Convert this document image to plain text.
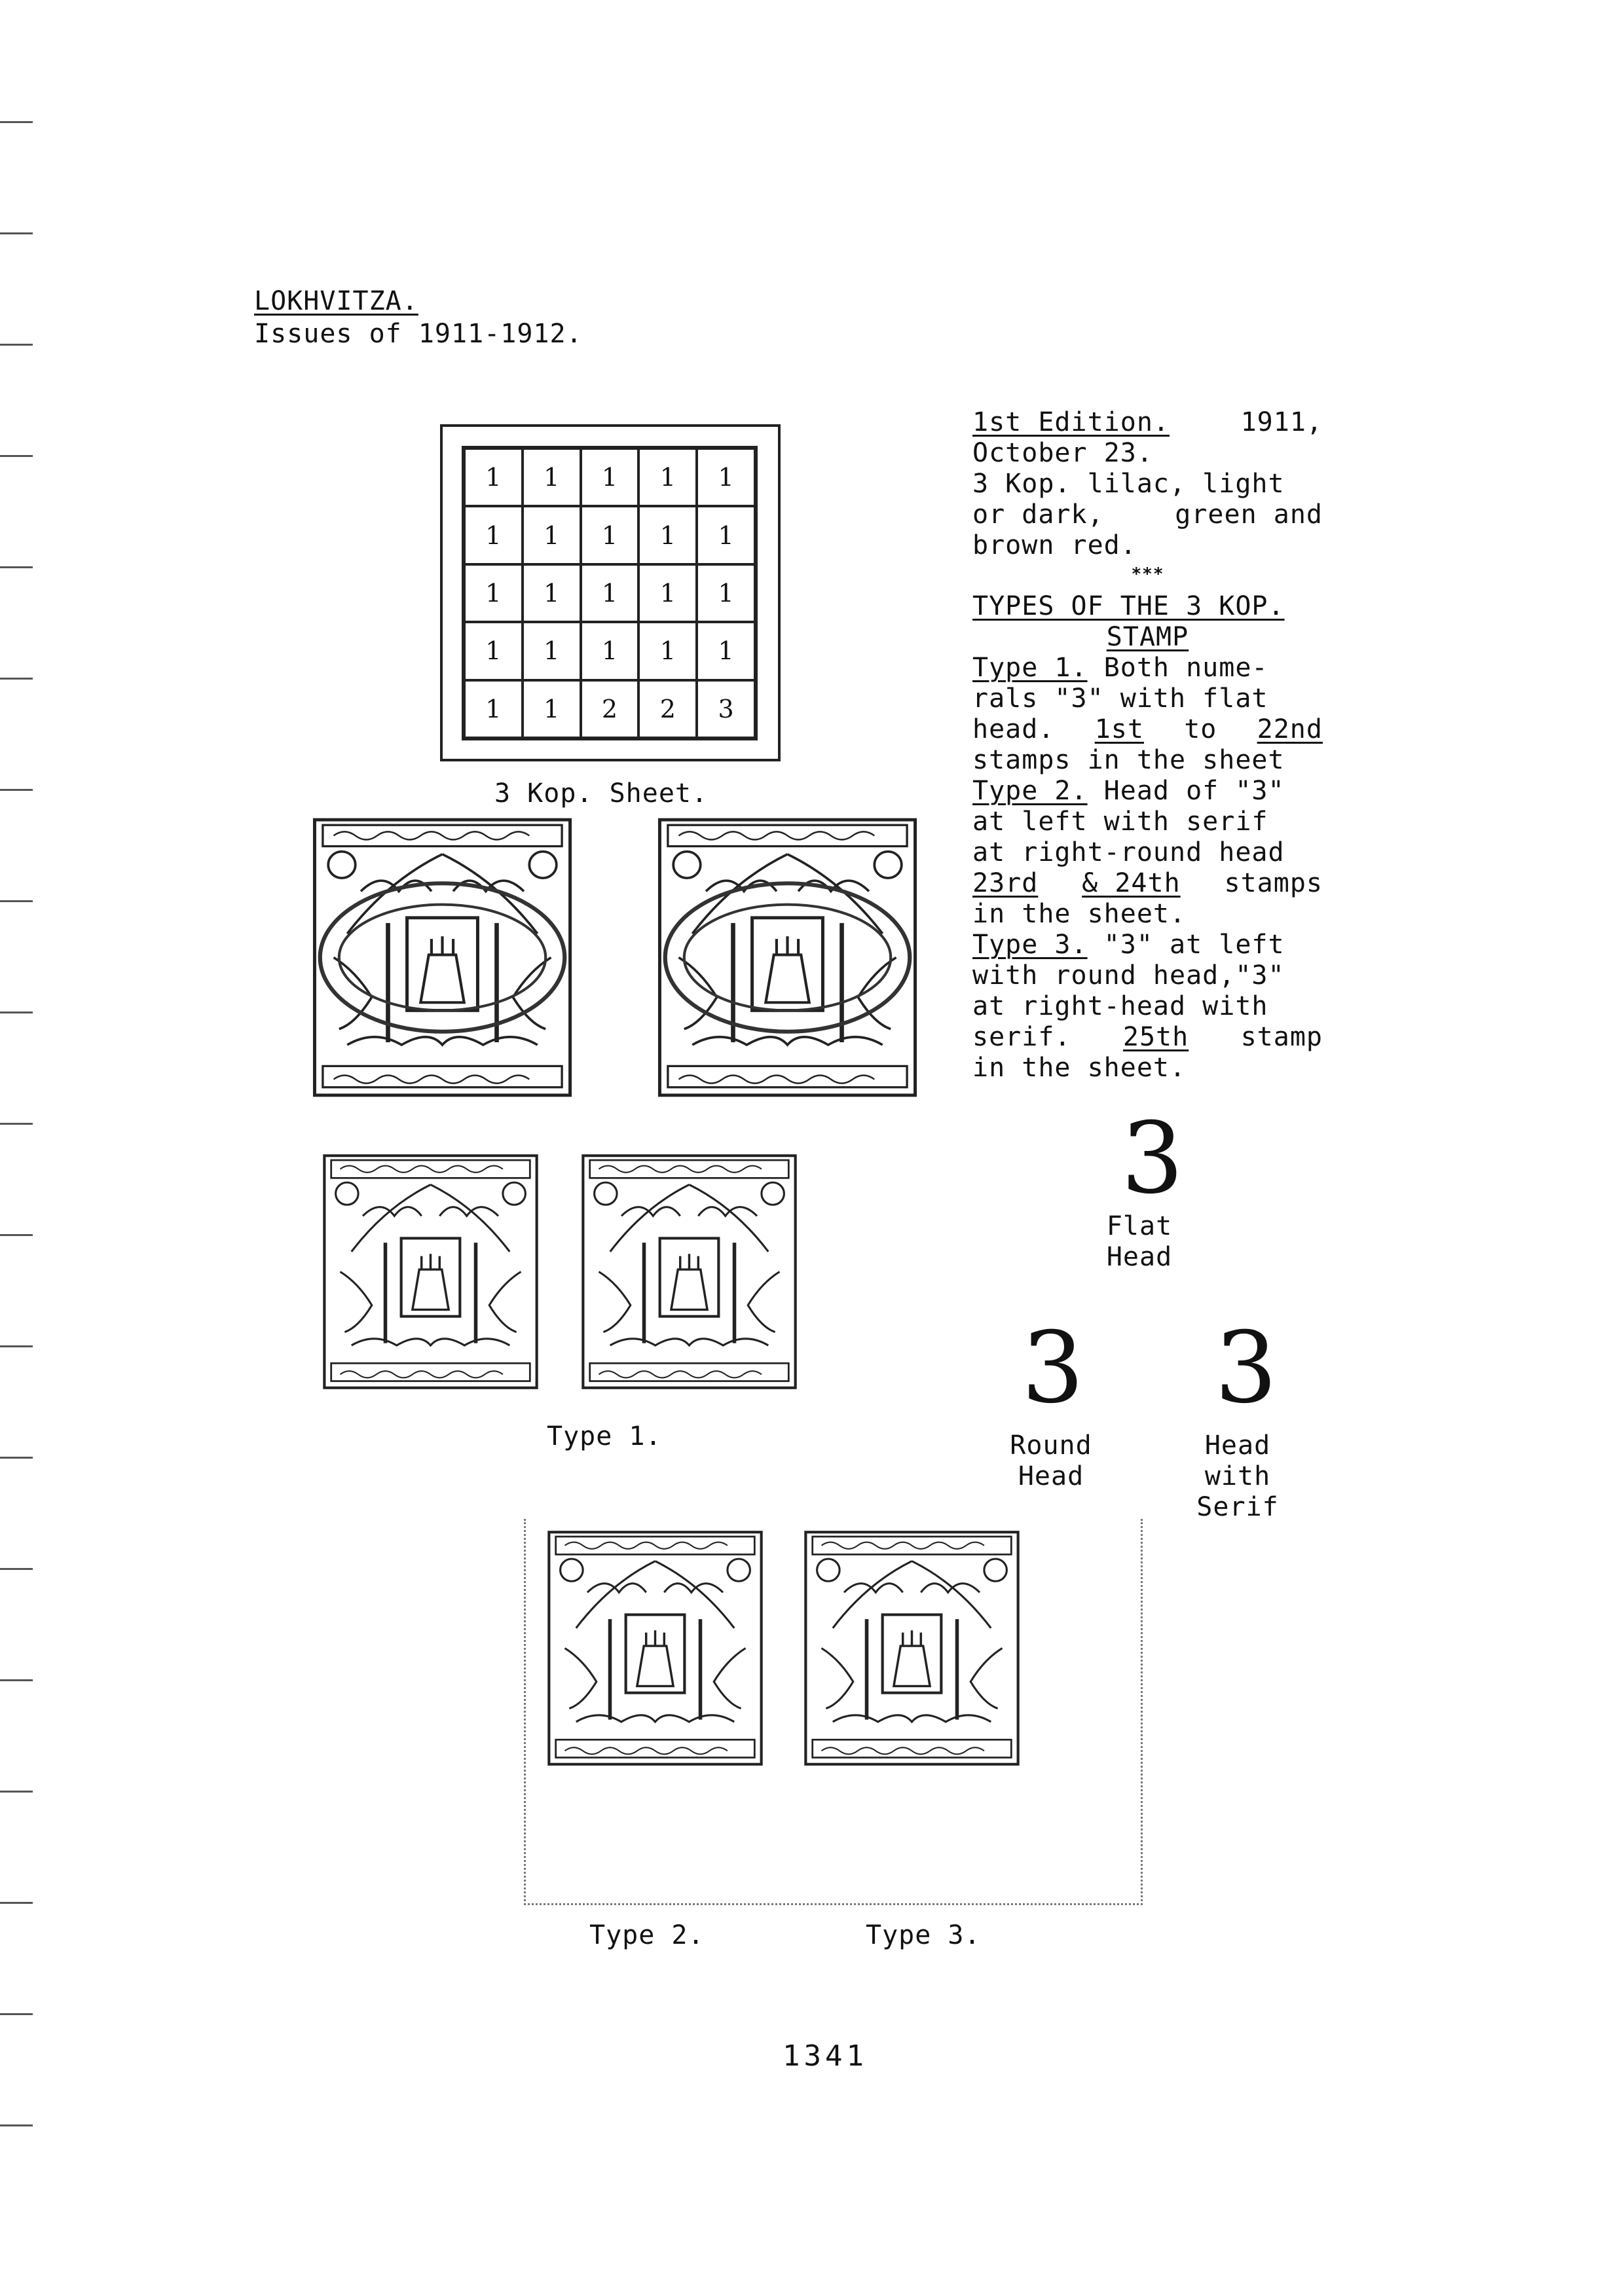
LOKHVITZA.
Issues of 1911-1912.
1	1	1	1	1
1	1	1	1	1
1	1	1	1	1
1	1	1	1	1
1	1	2	2	3
3 Kop. Sheet.
1st Edition.	1911,
October 23.
3 Kop. lilac, light
or dark,	green and
brown red.
***
TYPES OF THE 3 KOP.
STAMP
Type 1. Both nume-
rals "3" with flat
head. 1st to 22nd
stamps in the sheet
Type 2. Head of "3"
at left with serif
at right-round head
23rd & 24th stamps
in the sheet.
Type 3. "3" at left
with round head,"3"
at right-head with
serif. 25th stamp
in the sheet.
3
Flat
Head
3
Round
Head
3
Head
with
Serif
Type 1.
Type 2.	Type 3.
1341
